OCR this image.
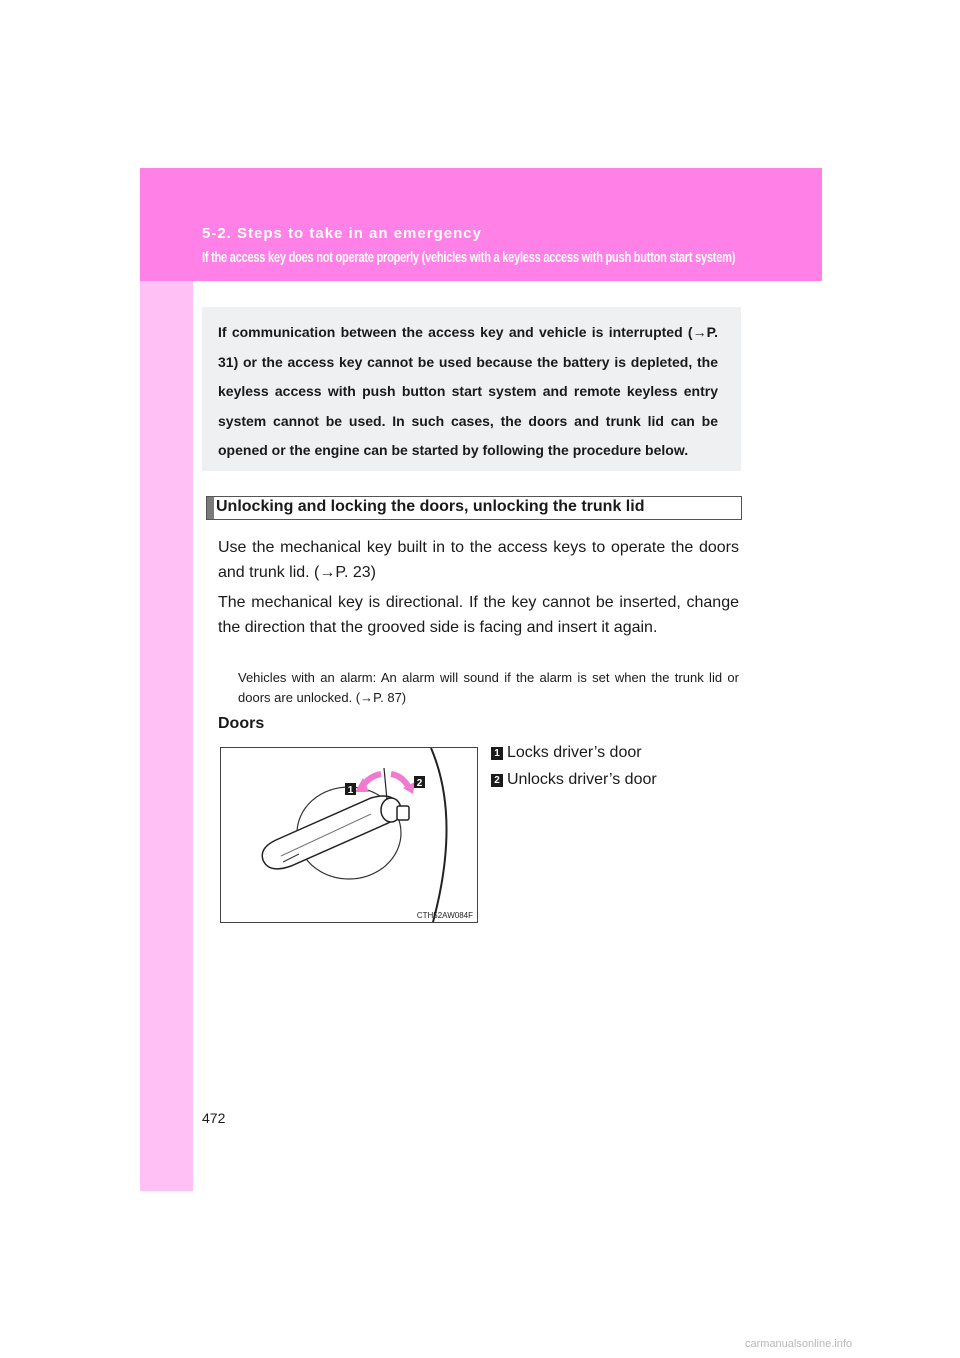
5-2. Steps to take in an emergency
If the access key does not operate properly (vehicles with a keyless access with push button start system)
If communication between the access key and vehicle is interrupted (→P. 31) or the access key cannot be used because the battery is depleted, the keyless access with push button start system and remote keyless entry system cannot be used. In such cases, the doors and trunk lid can be opened or the engine can be started by following the procedure below.
Unlocking and locking the doors, unlocking the trunk lid
Use the mechanical key built in to the access keys to operate the doors and trunk lid. (→P. 23)
The mechanical key is directional. If the key cannot be inserted, change the direction that the grooved side is facing and insert it again.
Vehicles with an alarm: An alarm will sound if the alarm is set when the trunk lid or doors are unlocked. (→P. 87)
Doors
1
2
CTH52AW084F
1 Locks driver’s door
2 Unlocks driver’s door
472
carmanualsonline.info
